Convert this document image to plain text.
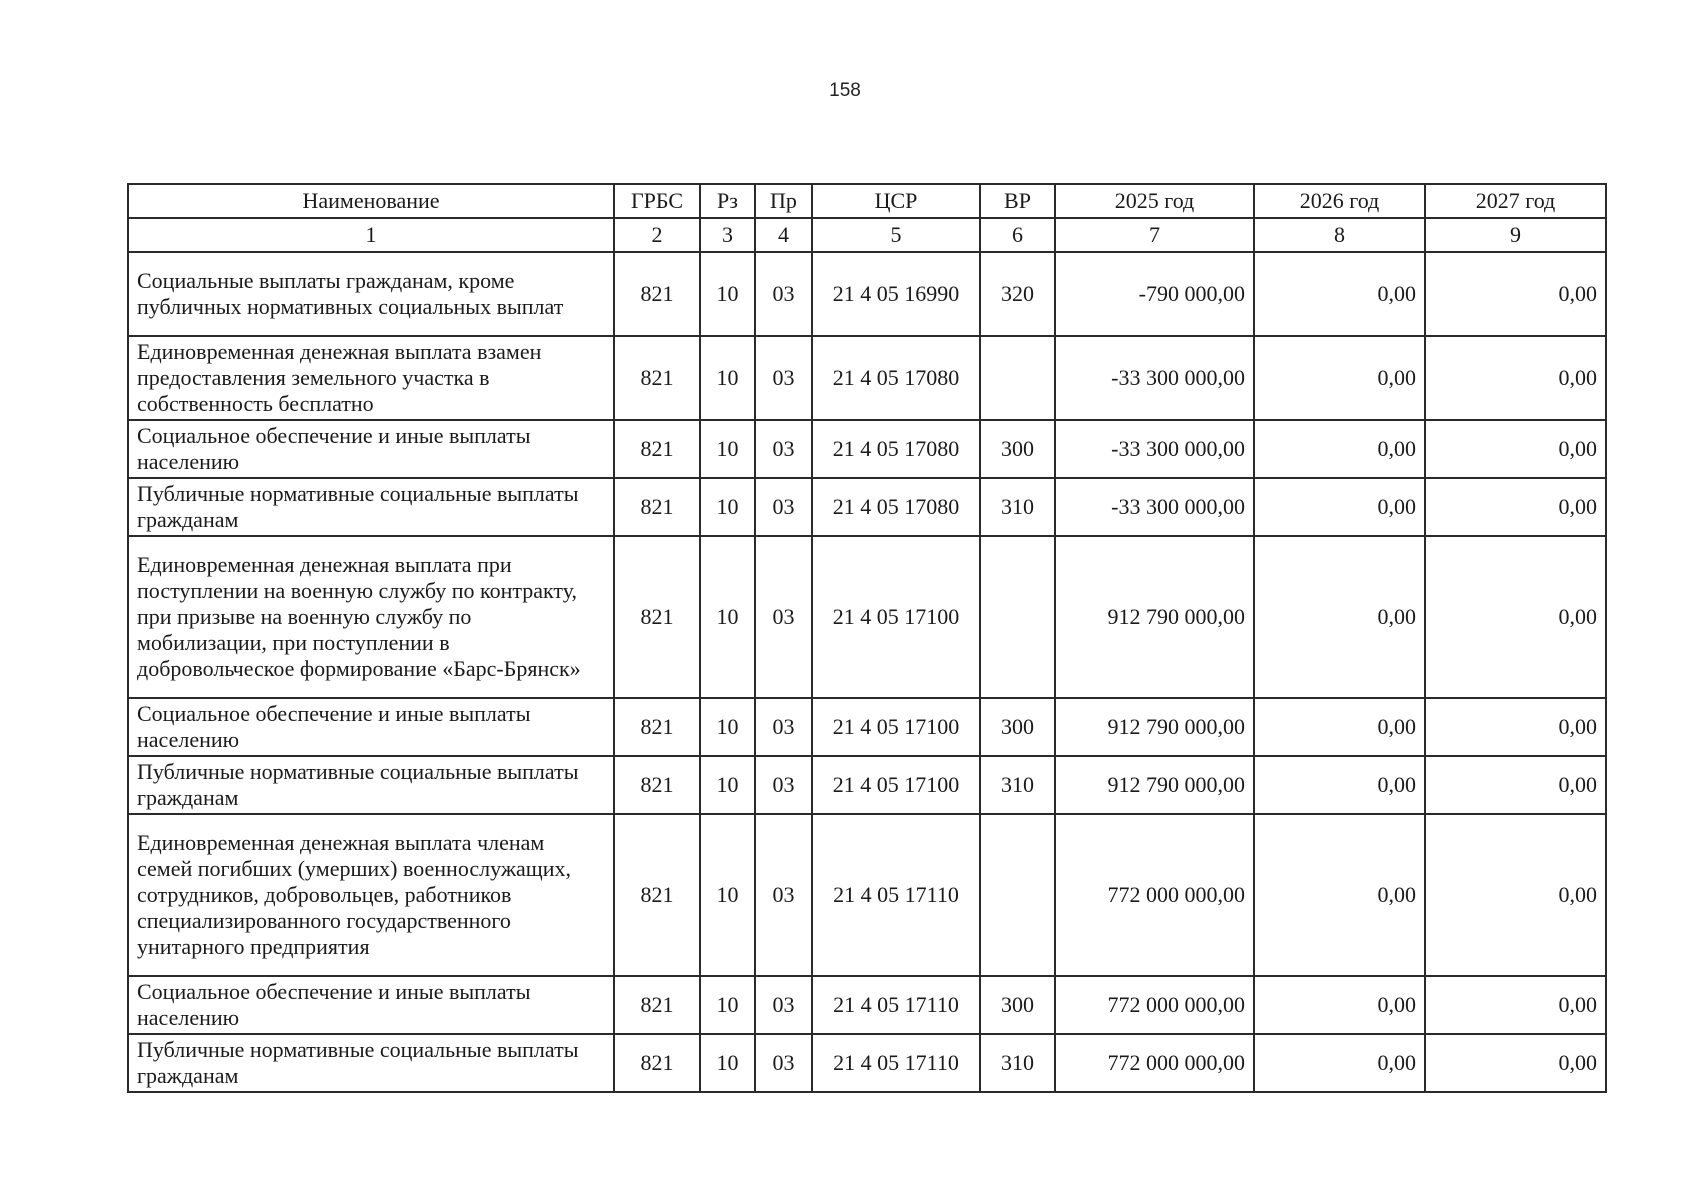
158
Наименование	ГРБС	Рз	Пр	ЦСР	ВР	2025 год	2026 год	2027 год
1	2	3	4	5	6	7	8	9
Социальные выплаты гражданам, кроме публичных нормативных социальных выплат	821	10	03	21 4 05 16990	320	-790 000,00	0,00	0,00
Единовременная денежная выплата взамен предоставления земельного участка в собственность бесплатно	821	10	03	21 4 05 17080		-33 300 000,00	0,00	0,00
Социальное обеспечение и иные выплаты населению	821	10	03	21 4 05 17080	300	-33 300 000,00	0,00	0,00
Публичные нормативные социальные выплаты гражданам	821	10	03	21 4 05 17080	310	-33 300 000,00	0,00	0,00
Единовременная денежная выплата при поступлении на военную службу по контракту, при призыве на военную службу по мобилизации, при поступлении в добровольческое формирование «Барс-Брянск»	821	10	03	21 4 05 17100		912 790 000,00	0,00	0,00
Социальное обеспечение и иные выплаты населению	821	10	03	21 4 05 17100	300	912 790 000,00	0,00	0,00
Публичные нормативные социальные выплаты гражданам	821	10	03	21 4 05 17100	310	912 790 000,00	0,00	0,00
Единовременная денежная выплата членам семей погибших (умерших) военнослужащих, сотрудников, добровольцев, работников специализированного государственного унитарного предприятия	821	10	03	21 4 05 17110		772 000 000,00	0,00	0,00
Социальное обеспечение и иные выплаты населению	821	10	03	21 4 05 17110	300	772 000 000,00	0,00	0,00
Публичные нормативные социальные выплаты гражданам	821	10	03	21 4 05 17110	310	772 000 000,00	0,00	0,00
